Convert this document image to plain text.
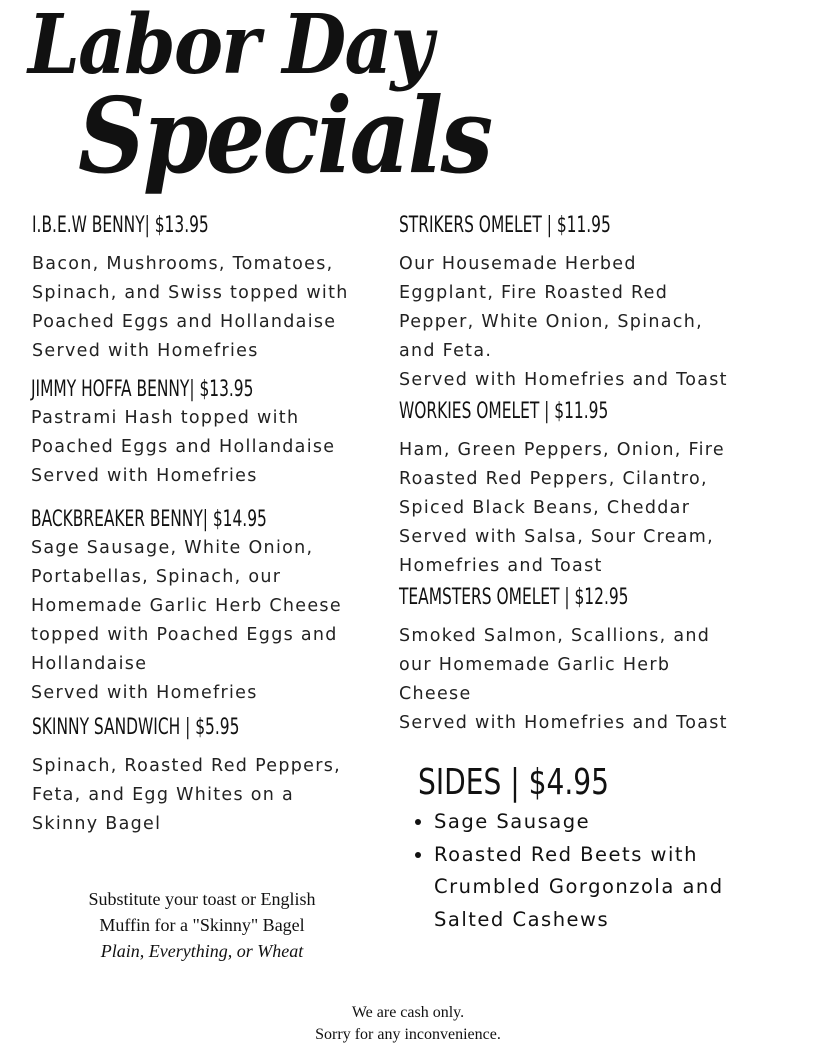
Labor Day
Specials
I.B.E.W BENNY| $13.95
Bacon, Mushrooms, Tomatoes,
Spinach, and Swiss topped with
Poached Eggs and Hollandaise
Served with Homefries
JIMMY HOFFA BENNY| $13.95
Pastrami Hash topped with
Poached Eggs and Hollandaise
Served with Homefries
BACKBREAKER BENNY| $14.95
Sage Sausage, White Onion,
Portabellas, Spinach, our
Homemade Garlic Herb Cheese
topped with Poached Eggs and
Hollandaise
Served with Homefries
SKINNY SANDWICH | $5.95
Spinach, Roasted Red Peppers,
Feta, and Egg Whites on a
Skinny Bagel
STRIKERS OMELET | $11.95
Our Housemade Herbed
Eggplant, Fire Roasted Red
Pepper, White Onion, Spinach,
and Feta.
Served with Homefries and Toast
WORKIES OMELET | $11.95
Ham, Green Peppers, Onion, Fire
Roasted Red Peppers, Cilantro,
Spiced Black Beans, Cheddar
Served with Salsa, Sour Cream,
Homefries and Toast
TEAMSTERS OMELET | $12.95
Smoked Salmon, Scallions, and
our Homemade Garlic Herb
Cheese
Served with Homefries and Toast
SIDES | $4.95
• Sage Sausage
• Roasted Red Beets with Crumbled Gorgonzola and Salted Cashews
Substitute your toast or English
Muffin for a "Skinny" Bagel
Plain, Everything, or Wheat
We are cash only.
Sorry for any inconvenience.
